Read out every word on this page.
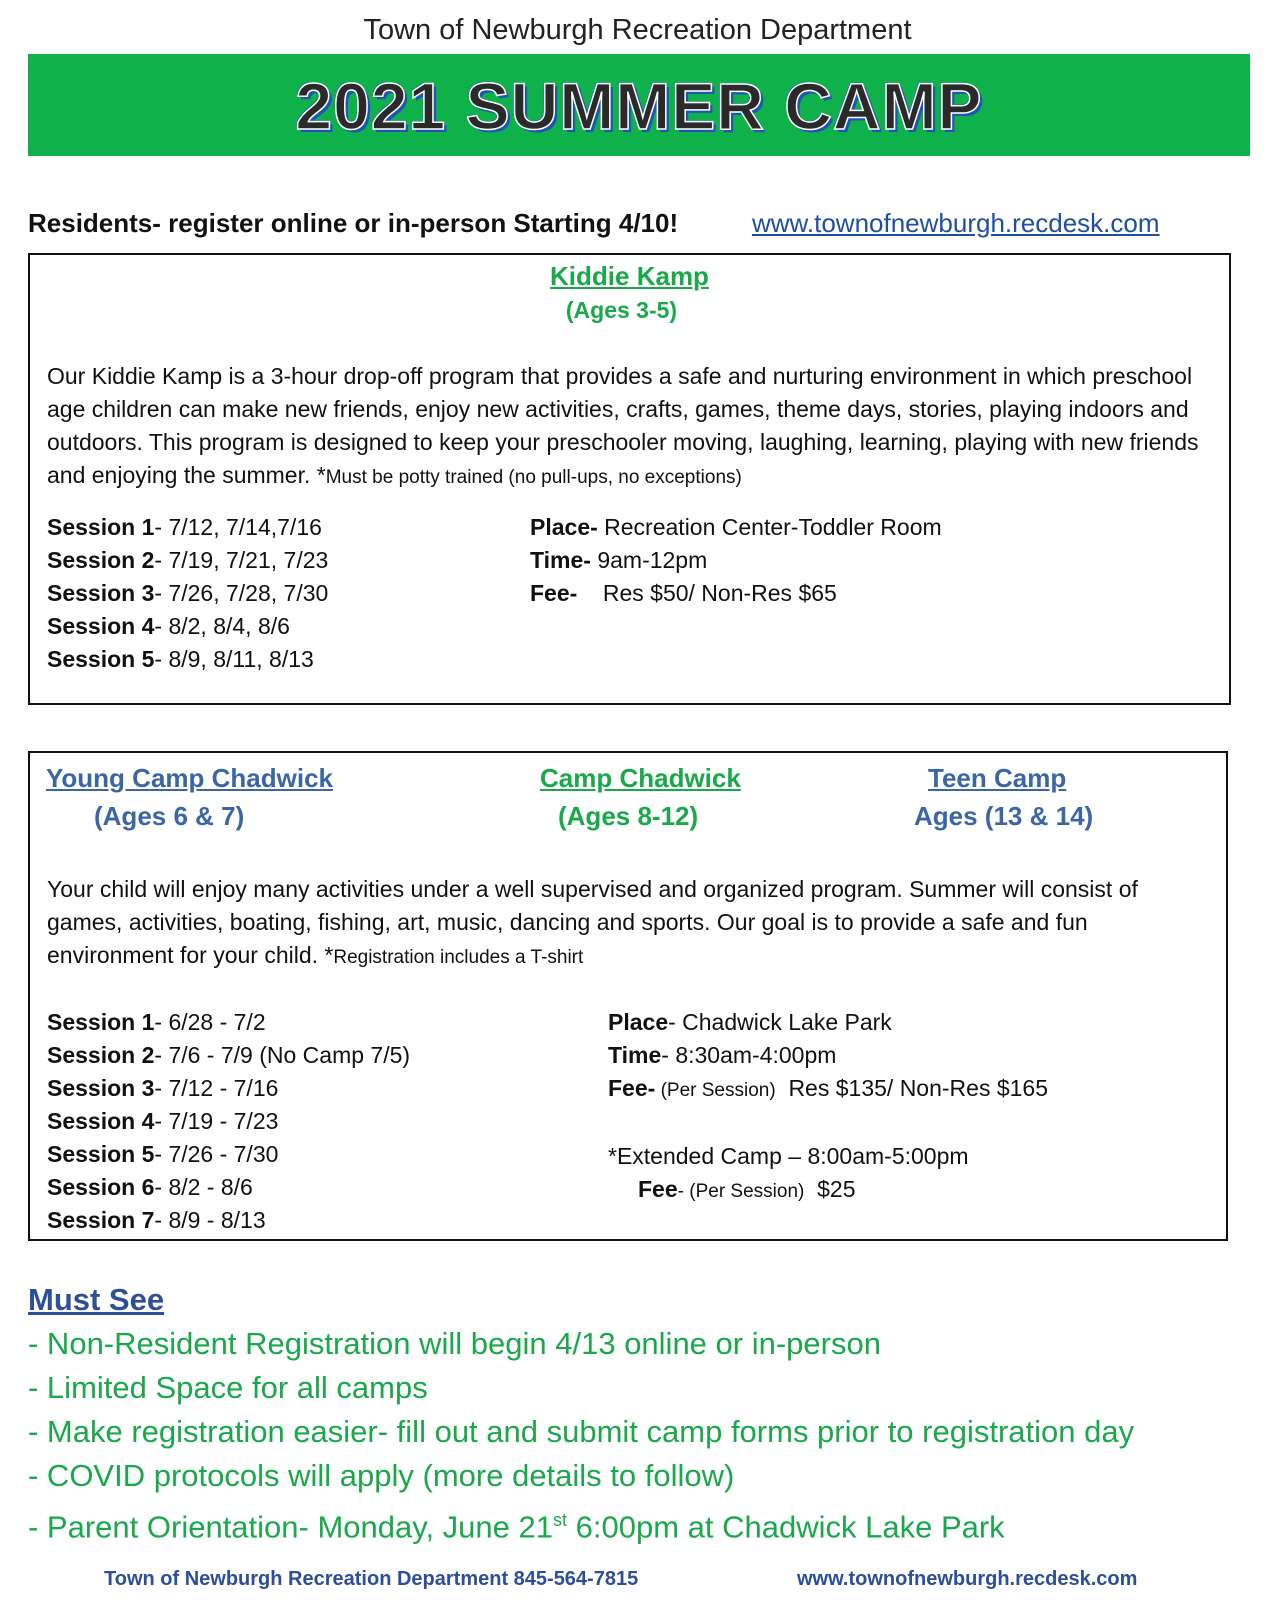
Town of Newburgh Recreation Department
2021 SUMMER CAMP
Residents- register online or in-person Starting 4/10!	www.townofnewburgh.recdesk.com
Kiddie Kamp
(Ages 3-5)
Our Kiddie Kamp is a 3-hour drop-off program that provides a safe and nurturing environment in which preschool age children can make new friends, enjoy new activities, crafts, games, theme days, stories, playing indoors and outdoors. This program is designed to keep your preschooler moving, laughing, learning, playing with new friends and enjoying the summer. *Must be potty trained (no pull-ups, no exceptions)
Session 1- 7/12, 7/14,7/16
Session 2- 7/19, 7/21, 7/23
Session 3- 7/26, 7/28, 7/30
Session 4- 8/2, 8/4, 8/6
Session 5- 8/9, 8/11, 8/13
Place- Recreation Center-Toddler Room
Time- 9am-12pm
Fee-    Res $50/ Non-Res $65
Young Camp Chadwick
(Ages 6 & 7)
Camp Chadwick
(Ages 8-12)
Teen Camp
Ages (13 & 14)
Your child will enjoy many activities under a well supervised and organized program. Summer will consist of games, activities, boating, fishing, art, music, dancing and sports. Our goal is to provide a safe and fun environment for your child. *Registration includes a T-shirt
Session 1- 6/28 - 7/2
Session 2- 7/6 - 7/9 (No Camp 7/5)
Session 3- 7/12 - 7/16
Session 4- 7/19 - 7/23
Session 5- 7/26 - 7/30
Session 6- 8/2 - 8/6
Session 7- 8/9 - 8/13
Place- Chadwick Lake Park
Time- 8:30am-4:00pm
Fee- (Per Session)  Res $135/ Non-Res $165
*Extended Camp – 8:00am-5:00pm
Fee- (Per Session)  $25
Must See
- Non-Resident Registration will begin 4/13 online or in-person
- Limited Space for all camps
- Make registration easier- fill out and submit camp forms prior to registration day
- COVID protocols will apply (more details to follow)
- Parent Orientation- Monday, June 21st 6:00pm at Chadwick Lake Park
Town of Newburgh Recreation Department 845-564-7815	www.townofnewburgh.recdesk.com
